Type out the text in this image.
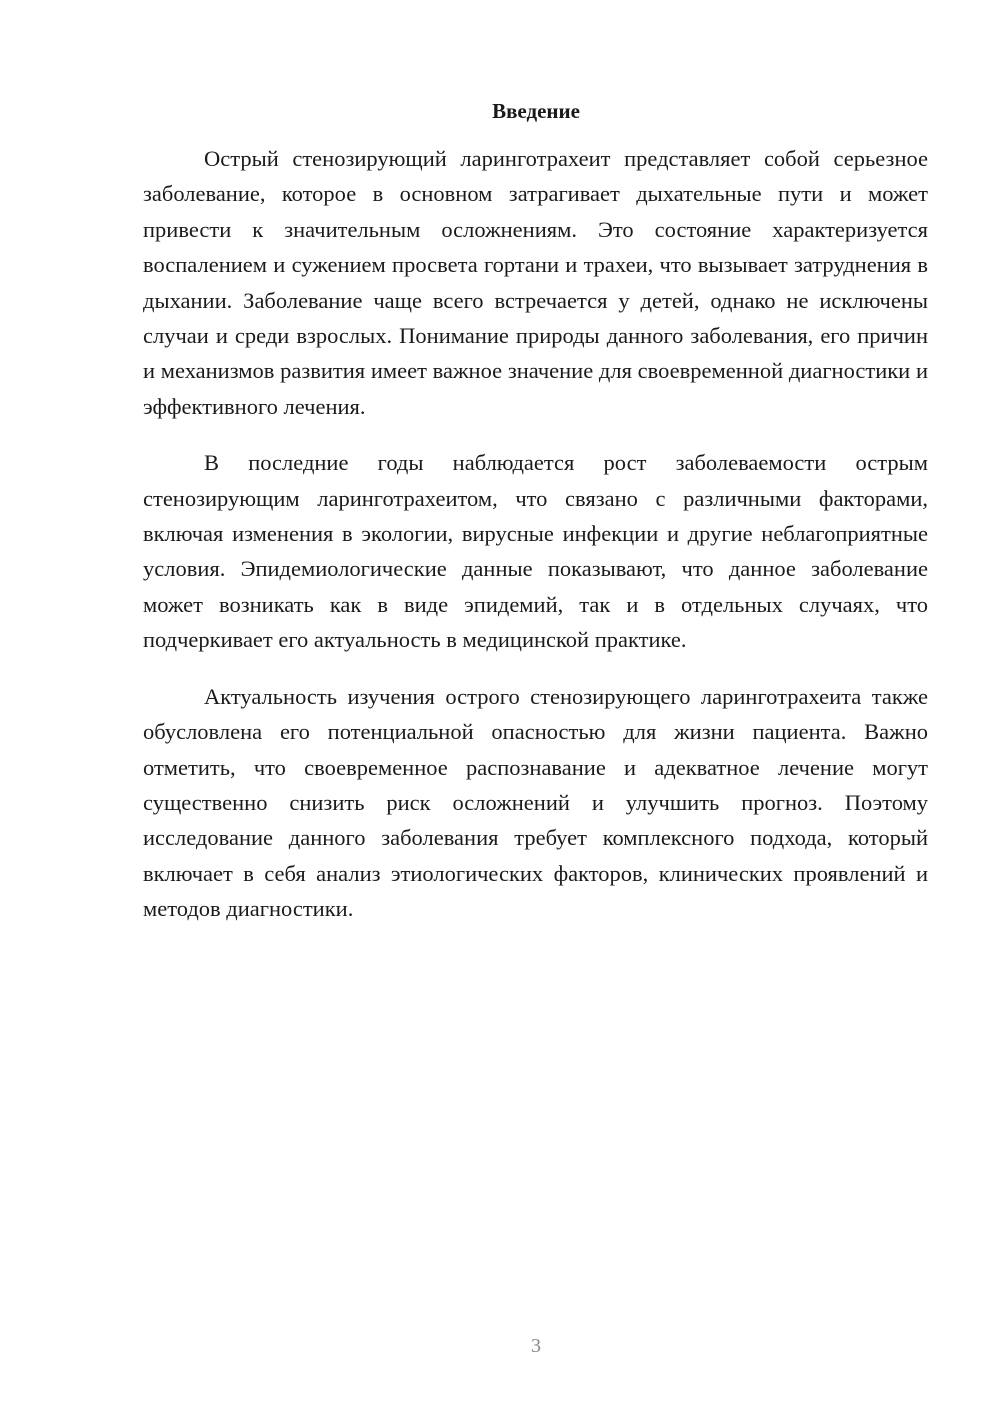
Введение

Острый стенозирующий ларинготрахеит представляет собой серьезное заболевание, которое в основном затрагивает дыхательные пути и может привести к значительным осложнениям. Это состояние характеризуется воспалением и сужением просвета гортани и трахеи, что вызывает затруднения в дыхании. Заболевание чаще всего встречается у детей, однако не исключены случаи и среди взрослых. Понимание природы данного заболевания, его причин и механизмов развития имеет важное значение для своевременной диагностики и эффективного лечения.

В последние годы наблюдается рост заболеваемости острым стенозирующим ларинготрахеитом, что связано с различными факторами, включая изменения в экологии, вирусные инфекции и другие неблагоприятные условия. Эпидемиологические данные показывают, что данное заболевание может возникать как в виде эпидемий, так и в отдельных случаях, что подчеркивает его актуальность в медицинской практике.

Актуальность изучения острого стенозирующего ларинготрахеита также обусловлена его потенциальной опасностью для жизни пациента. Важно отметить, что своевременное распознавание и адекватное лечение могут существенно снизить риск осложнений и улучшить прогноз. Поэтому исследование данного заболевания требует комплексного подхода, который включает в себя анализ этиологических факторов, клинических проявлений и методов диагностики.

3
